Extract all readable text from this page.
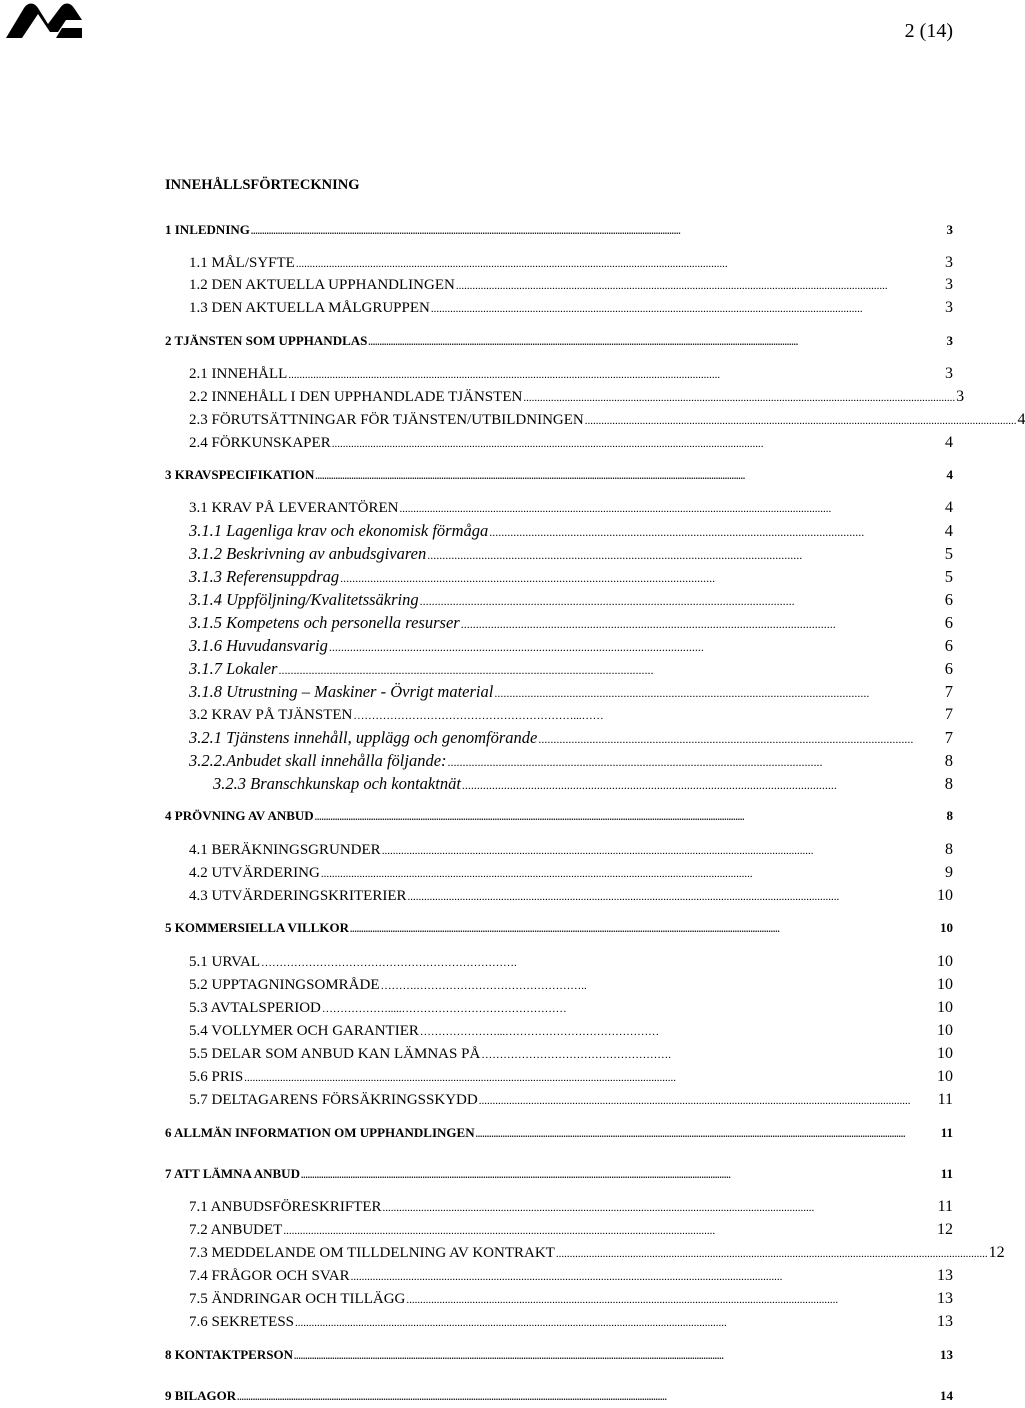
2 (14)
INNEHÅLLSFÖRTECKNING
1 INLEDNING ...............................................................................................................................................................................................	3
1.1 MÅL/SYFTE .............................................................................................................................................................	3
1.2 DEN AKTUELLA UPPHANDLINGEN .............................................................................................................................................................	3
1.3 DEN AKTUELLA MÅLGRUPPEN .............................................................................................................................................................	3
2 TJÄNSTEN SOM UPPHANDLAS ...............................................................................................................................................................................................	3
2.1 INNEHÅLL .............................................................................................................................................................	3
2.2 INNEHÅLL I DEN UPPHANDLADE TJÄNSTEN ............................................................................................................................................................. 3
2.3 FÖRUTSÄTTNINGAR FÖR TJÄNSTEN/UTBILDNINGEN ............................................................................................................................................................. 4
2.4 FÖRKUNSKAPER .............................................................................................................................................................	4
3 KRAVSPECIFIKATION ...............................................................................................................................................................................................	4
3.1 KRAV PÅ LEVERANTÖREN .............................................................................................................................................................	4
3.1.1 Lagenliga krav och ekonomisk förmåga .............................................................................................................................	4
3.1.2 Beskrivning av anbudsgivaren .............................................................................................................................	5
3.1.3 Referensuppdrag .............................................................................................................................	5
3.1.4 Uppföljning/Kvalitetssäkring .............................................................................................................................	6
3.1.5 Kompetens och personella resurser .............................................................................................................................	6
3.1.6 Huvudansvarig .............................................................................................................................	6
3.1.7 Lokaler .............................................................................................................................	6
3.1.8 Utrustning – Maskiner - Övrigt material .............................................................................................................................	7
3.2 KRAV PÅ TJÄNSTEN ……………………………………………………...……	7
3.2.1 Tjänstens innehåll, upplägg och genomförande .............................................................................................................................	7
3.2.2.Anbudet skall innehålla följande: .............................................................................................................................	8
3.2.3 Branschkunskap och kontaktnät .............................................................................................................................	8
4 PRÖVNING AV ANBUD ...............................................................................................................................................................................................	8
4.1 BERÄKNINGSGRUNDER .............................................................................................................................................................	8
4.2 UTVÄRDERING .............................................................................................................................................................	9
4.3 UTVÄRDERINGSKRITERIER .............................................................................................................................................................	10
5 KOMMERSIELLA VILLKOR ...............................................................................................................................................................................................	10
5.1 URVAL …………………………………………………………….	10
5.2 UPPTAGNINGSOMRÅDE ……….………………………………………..	10
5.3 AVTALSPERIOD ……………….....………………………………………	10
5.4 VOLLYMER OCH GARANTIER …………………...……………………………………	10
5.5 DELAR SOM ANBUD KAN LÄMNAS PÅ …………………………………………….	10
5.6 PRIS .............................................................................................................................................................	10
5.7 DELTAGARENS FÖRSÄKRINGSSKYDD .............................................................................................................................................................	11
6 ALLMÄN INFORMATION OM UPPHANDLINGEN ...............................................................................................................................................................................................	11
7 ATT LÄMNA ANBUD ...............................................................................................................................................................................................	11
7.1 ANBUDSFÖRESKRIFTER .............................................................................................................................................................	11
7.2 ANBUDET .............................................................................................................................................................	12
7.3 MEDDELANDE OM TILLDELNING AV KONTRAKT ............................................................................................................................................................. 12
7.4 FRÅGOR OCH SVAR .............................................................................................................................................................	13
7.5 ÄNDRINGAR OCH TILLÄGG .............................................................................................................................................................	13
7.6 SEKRETESS .............................................................................................................................................................	13
8 KONTAKTPERSON ...............................................................................................................................................................................................	13
9 BILAGOR ...............................................................................................................................................................................................	14
